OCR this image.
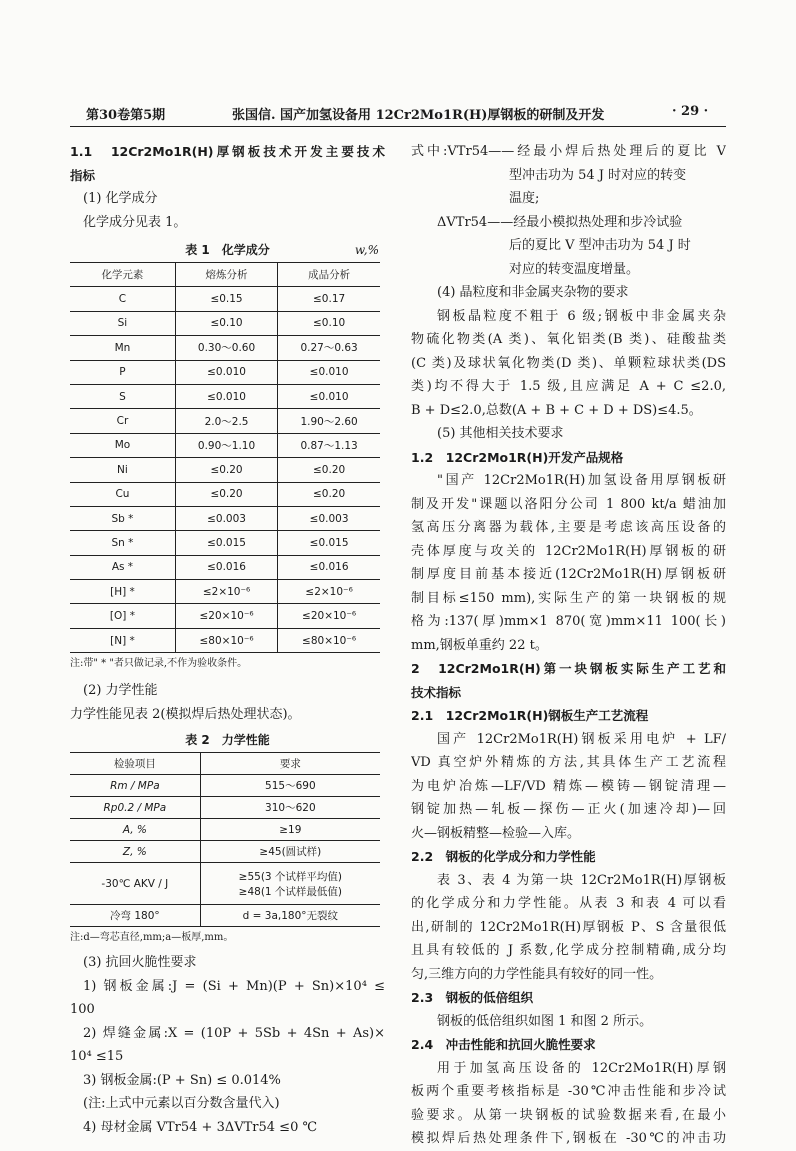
第30卷第5期	张国信. 国产加氢设备用 12Cr2Mo1R(H)厚钢板的研制及开发	· 29 ·
1.1　12Cr2Mo1R(H)厚钢板技术开发主要技术
指标
(1) 化学成分
化学成分见表 1。
表 1　化学成分	w,%
化学元素	熔炼分析	成品分析
C	≤0.15	≤0.17
Si	≤0.10	≤0.10
Mn	0.30～0.60	0.27～0.63
P	≤0.010	≤0.010
S	≤0.010	≤0.010
Cr	2.0～2.5	1.90～2.60
Mo	0.90～1.10	0.87～1.13
Ni	≤0.20	≤0.20
Cu	≤0.20	≤0.20
Sb *	≤0.003	≤0.003
Sn *	≤0.015	≤0.015
As *	≤0.016	≤0.016
[H] *	≤2×10⁻⁶	≤2×10⁻⁶
[O] *	≤20×10⁻⁶	≤20×10⁻⁶
[N] *	≤80×10⁻⁶	≤80×10⁻⁶
注:带" * "者只做记录,不作为验收条件。
(2) 力学性能
力学性能见表 2(模拟焊后热处理状态)。
表 2　力学性能
检验项目	要求
Rm / MPa	515～690
Rp0.2 / MPa	310～620
A, %	≥19
Z, %	≥45(圆试样)
-30℃ AKV / J	≥55(3 个试样平均值)
≥48(1 个试样最低值)

冷弯 180°	d = 3a,180°无裂纹
注:d—弯芯直径,mm;a—板厚,mm。
(3) 抗回火脆性要求
1) 钢板金属:J = (Si + Mn)(P + Sn)×10⁴ ≤
100
2) 焊缝金属:X = (10P + 5Sb + 4Sn + As)×
10⁴ ≤15
3) 钢板金属:(P + Sn) ≤ 0.014%
(注:上式中元素以百分数含量代入)
4) 母材金属 VTr54 + 3ΔVTr54 ≤0 ℃
式中:VTr54——经最小焊后热处理后的夏比 V
型冲击功为 54 J 时对应的转变
温度;
ΔVTr54——经最小模拟热处理和步冷试验
后的夏比 V 型冲击功为 54 J 时
对应的转变温度增量。
(4) 晶粒度和非金属夹杂物的要求
钢板晶粒度不粗于 6 级;钢板中非金属夹杂
物硫化物类(A 类)、氧化铝类(B 类)、硅酸盐类
(C 类)及球状氧化物类(D 类)、单颗粒球状类(DS
类)均不得大于 1.5 级,且应满足 A + C ≤2.0,
B + D≤2.0,总数(A + B + C + D + DS)≤4.5。
(5) 其他相关技术要求
1.2　12Cr2Mo1R(H)开发产品规格
"国产 12Cr2Mo1R(H)加氢设备用厚钢板研
制及开发"课题以洛阳分公司 1 800 kt/a 蜡油加
氢高压分离器为载体,主要是考虑该高压设备的
壳体厚度与攻关的 12Cr2Mo1R(H)厚钢板的研
制厚度目前基本接近(12Cr2Mo1R(H)厚钢板研
制目标≤150 mm),实际生产的第一块钢板的规
格为:137(厚)mm×1 870(宽)mm×11 100(长)
mm,钢板单重约 22 t。
2　12Cr2Mo1R(H)第一块钢板实际生产工艺和
技术指标
2.1　12Cr2Mo1R(H)钢板生产工艺流程
国产 12Cr2Mo1R(H)钢板采用电炉 + LF/
VD 真空炉外精炼的方法,其具体生产工艺流程
为电炉冶炼—LF/VD 精炼—模铸—钢锭清理—
钢锭加热—轧板—探伤—正火(加速冷却)—回
火—钢板精整—检验—入库。
2.2　钢板的化学成分和力学性能
表 3、表 4 为第一块 12Cr2Mo1R(H)厚钢板
的化学成分和力学性能。从表 3 和表 4 可以看
出,研制的 12Cr2Mo1R(H)厚钢板 P、S 含量很低
且具有较低的 J 系数,化学成分控制精确,成分均
匀,三维方向的力学性能具有较好的同一性。
2.3　钢板的低倍组织
钢板的低倍组织如图 1 和图 2 所示。
2.4　冲击性能和抗回火脆性要求
用于加氢高压设备的 12Cr2Mo1R(H)厚钢
板两个重要考核指标是 -30℃冲击性能和步冷试
验要求。从第一块钢板的试验数据来看,在最小
模拟焊后热处理条件下,钢板在 -30℃的冲击功
